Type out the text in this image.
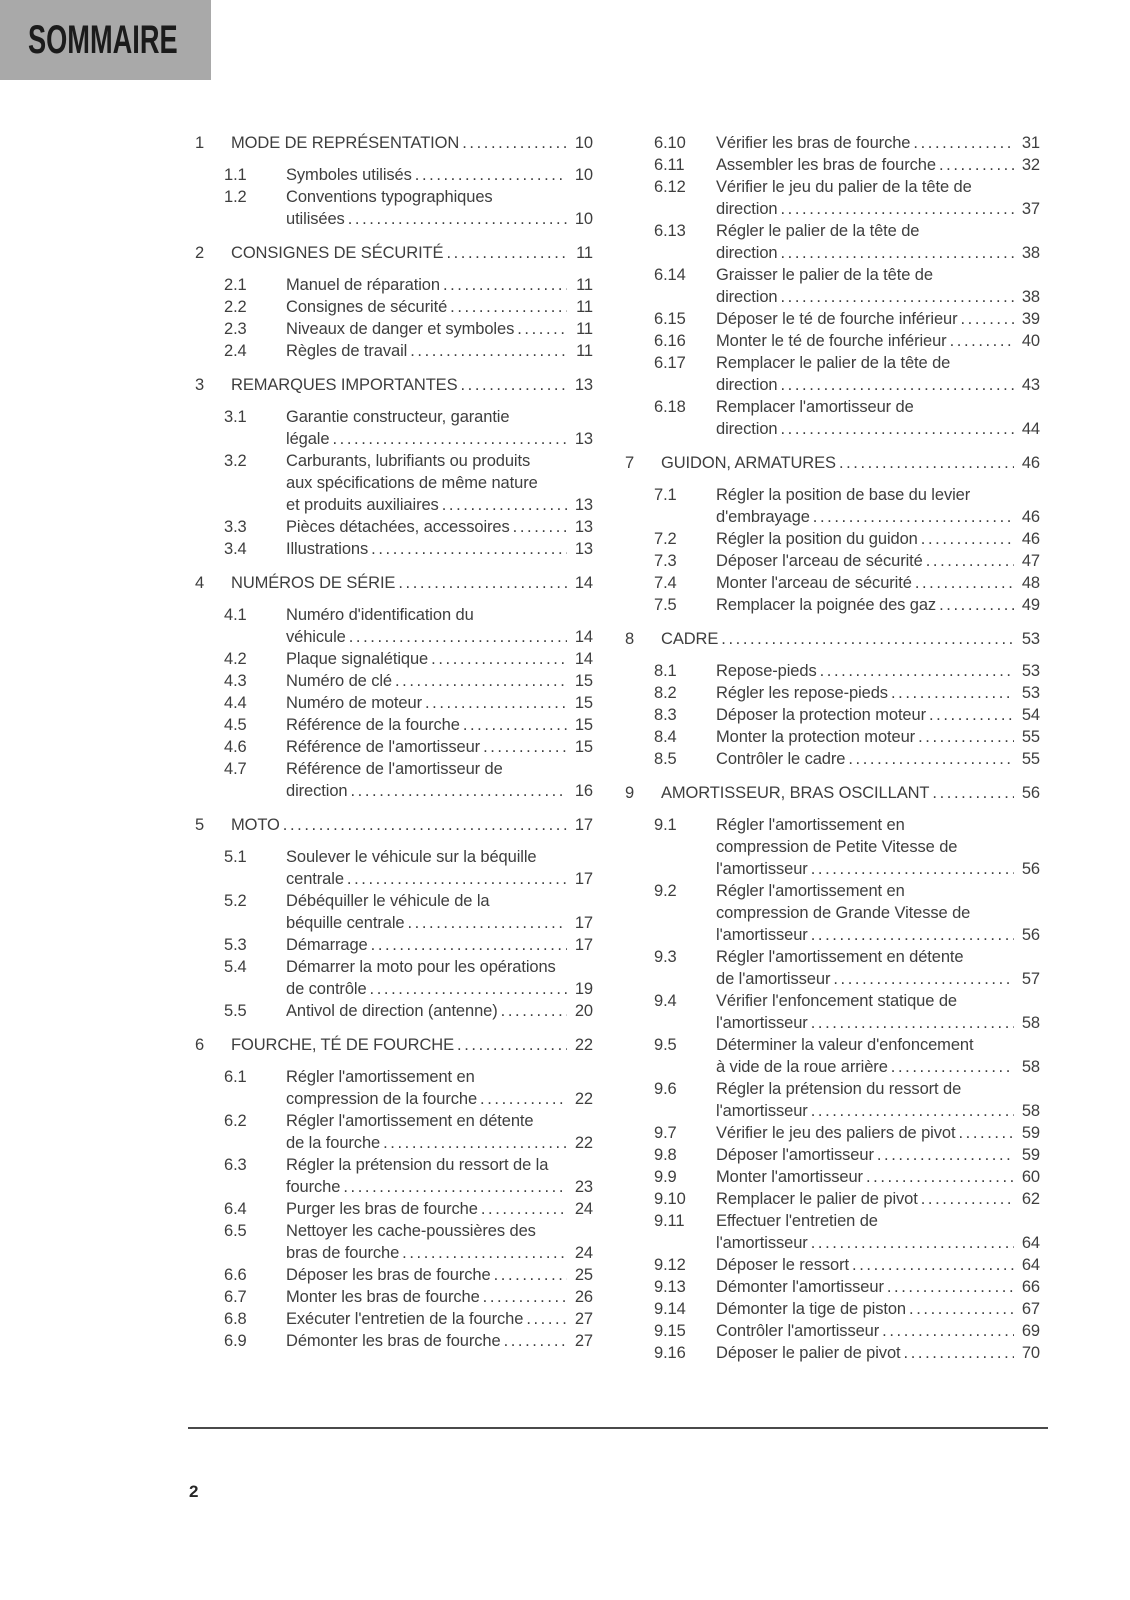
SOMMAIRE
1	MODE DE REPRÉSENTATION .....	10
1.1	Symboles utilisés .....	10
1.2	Conventions typographiques
utilisées .....	10
2	CONSIGNES DE SÉCURITÉ .....	11
2.1	Manuel de réparation .....	11
2.2	Consignes de sécurité .....	11
2.3	Niveaux de danger et symboles .....	11
2.4	Règles de travail .....	11
3	REMARQUES IMPORTANTES .....	13
3.1	Garantie constructeur, garantie
légale .....	13
3.2	Carburants, lubrifiants ou produits
aux spécifications de même nature
et produits auxiliaires .....	13
3.3	Pièces détachées, accessoires .....	13
3.4	Illustrations .....	13
4	NUMÉROS DE SÉRIE .....	14
4.1	Numéro d'identification du
véhicule .....	14
4.2	Plaque signalétique .....	14
4.3	Numéro de clé .....	15
4.4	Numéro de moteur .....	15
4.5	Référence de la fourche .....	15
4.6	Référence de l'amortisseur .....	15
4.7	Référence de l'amortisseur de
direction .....	16
5	MOTO .....	17
5.1	Soulever le véhicule sur la béquille
centrale .....	17
5.2	Débéquiller le véhicule de la
béquille centrale .....	17
5.3	Démarrage .....	17
5.4	Démarrer la moto pour les opérations
de contrôle .....	19
5.5	Antivol de direction (antenne) .....	20
6	FOURCHE, TÉ DE FOURCHE .....	22
6.1	Régler l'amortissement en
compression de la fourche .....	22
6.2	Régler l'amortissement en détente
de la fourche .....	22
6.3	Régler la prétension du ressort de la
fourche .....	23
6.4	Purger les bras de fourche .....	24
6.5	Nettoyer les cache-poussières des
bras de fourche .....	24
6.6	Déposer les bras de fourche .....	25
6.7	Monter les bras de fourche .....	26
6.8	Exécuter l'entretien de la fourche .....	27
6.9	Démonter les bras de fourche .....	27
6.10	Vérifier les bras de fourche .....	31
6.11	Assembler les bras de fourche .....	32
6.12	Vérifier le jeu du palier de la tête de
direction .....	37
6.13	Régler le palier de la tête de
direction .....	38
6.14	Graisser le palier de la tête de
direction .....	38
6.15	Déposer le té de fourche inférieur .....	39
6.16	Monter le té de fourche inférieur .....	40
6.17	Remplacer le palier de la tête de
direction .....	43
6.18	Remplacer l'amortisseur de
direction .....	44
7	GUIDON, ARMATURES .....	46
7.1	Régler la position de base du levier
d'embrayage .....	46
7.2	Régler la position du guidon .....	46
7.3	Déposer l'arceau de sécurité .....	47
7.4	Monter l'arceau de sécurité .....	48
7.5	Remplacer la poignée des gaz .....	49
8	CADRE .....	53
8.1	Repose-pieds .....	53
8.2	Régler les repose-pieds .....	53
8.3	Déposer la protection moteur .....	54
8.4	Monter la protection moteur .....	55
8.5	Contrôler le cadre .....	55
9	AMORTISSEUR, BRAS OSCILLANT .....	56
9.1	Régler l'amortissement en
compression de Petite Vitesse de
l'amortisseur .....	56
9.2	Régler l'amortissement en
compression de Grande Vitesse de
l'amortisseur .....	56
9.3	Régler l'amortissement en détente
de l'amortisseur .....	57
9.4	Vérifier l'enfoncement statique de
l'amortisseur .....	58
9.5	Déterminer la valeur d'enfoncement
à vide de la roue arrière .....	58
9.6	Régler la prétension du ressort de
l'amortisseur .....	58
9.7	Vérifier le jeu des paliers de pivot .....	59
9.8	Déposer l'amortisseur .....	59
9.9	Monter l'amortisseur .....	60
9.10	Remplacer le palier de pivot .....	62
9.11	Effectuer l'entretien de
l'amortisseur .....	64
9.12	Déposer le ressort .....	64
9.13	Démonter l'amortisseur .....	66
9.14	Démonter la tige de piston .....	67
9.15	Contrôler l'amortisseur .....	69
9.16	Déposer le palier de pivot .....	70
2
